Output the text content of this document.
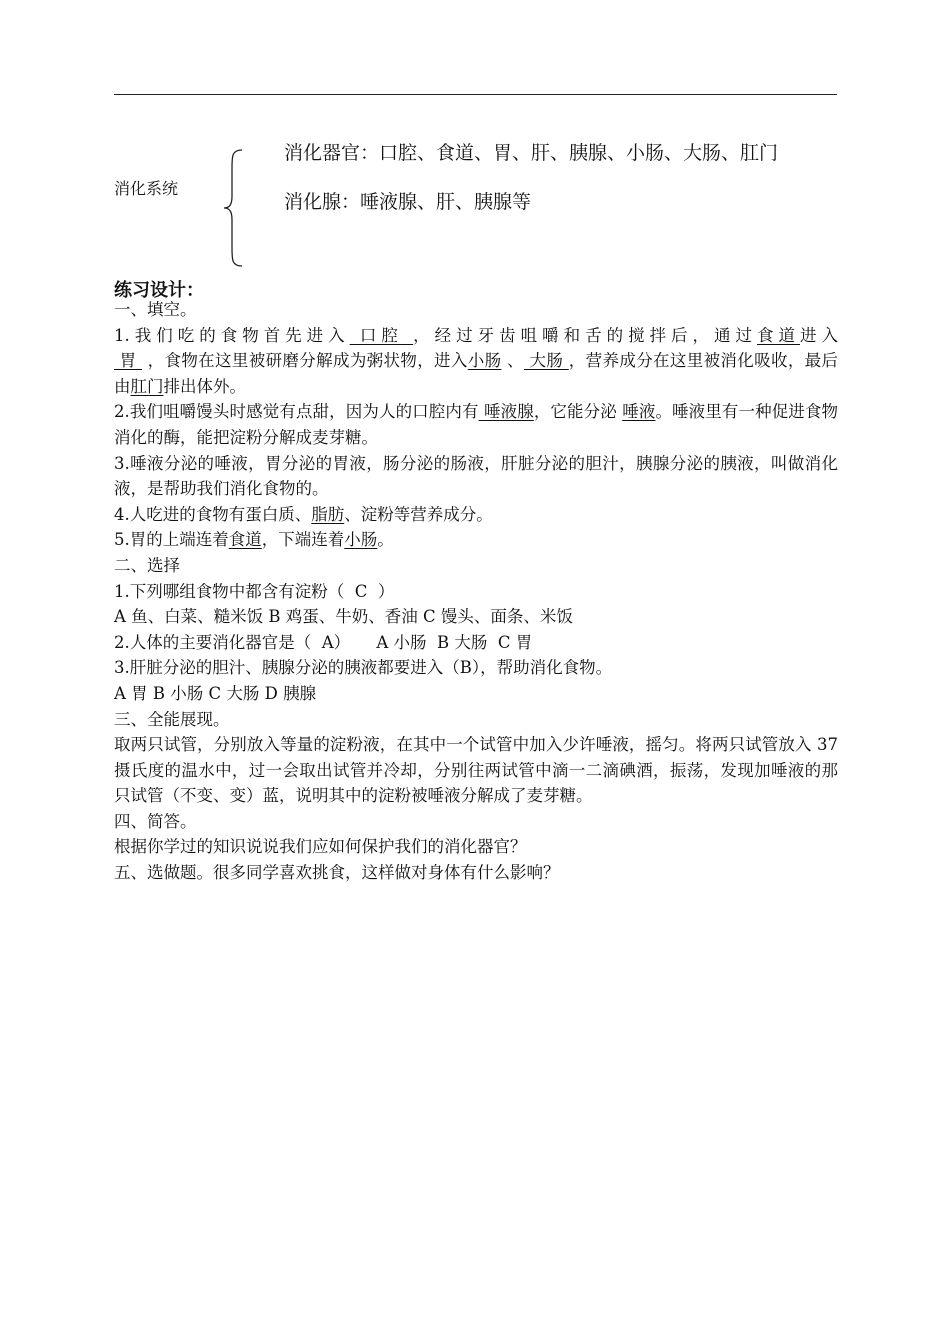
消化系统
消化器官：口腔、食道、胃、肝、胰腺、小肠、大肠、肛门
消化腺：唾液腺、肝、胰腺等
练习设计：

一、填空。

1.我们吃的食物首先进入 口腔 ，经过牙齿咀嚼和舌的搅拌后，通过食道进入 胃  ，食物在这里被研磨分解成为粥状物，进入小肠 、 大肠 ，营养成分在这里被消化吸收，最后由肛门排出体外。

2.我们咀嚼馒头时感觉有点甜，因为人的口腔内有 唾液腺，它能分泌 唾液。唾液里有一种促进食物消化的酶，能把淀粉分解成麦芽糖。

3.唾液分泌的唾液，胃分泌的胃液，肠分泌的肠液，肝脏分泌的胆汁，胰腺分泌的胰液，叫做消化液，是帮助我们消化食物的。

4.人吃进的食物有蛋白质、脂肪、淀粉等营养成分。

5.胃的上端连着食道，下端连着小肠。

二、选择

1.下列哪组食物中都含有淀粉（  C  ）

A 鱼、白菜、糙米饭 B 鸡蛋、牛奶、香油 C 馒头、面条、米饭

2.人体的主要消化器官是（  A）     A 小肠  B 大肠  C 胃

3.肝脏分泌的胆汁、胰腺分泌的胰液都要进入（B），帮助消化食物。

A 胃 B 小肠 C 大肠 D 胰腺

三、全能展现。

取两只试管，分别放入等量的淀粉液，在其中一个试管中加入少许唾液，摇匀。将两只试管放入 37 摄氏度的温水中，过一会取出试管并冷却，分别往两试管中滴一二滴碘酒，振荡，发现加唾液的那只试管（不变、变）蓝，说明其中的淀粉被唾液分解成了麦芽糖。

四、简答。

根据你学过的知识说说我们应如何保护我们的消化器官？

五、选做题。很多同学喜欢挑食，这样做对身体有什么影响？
